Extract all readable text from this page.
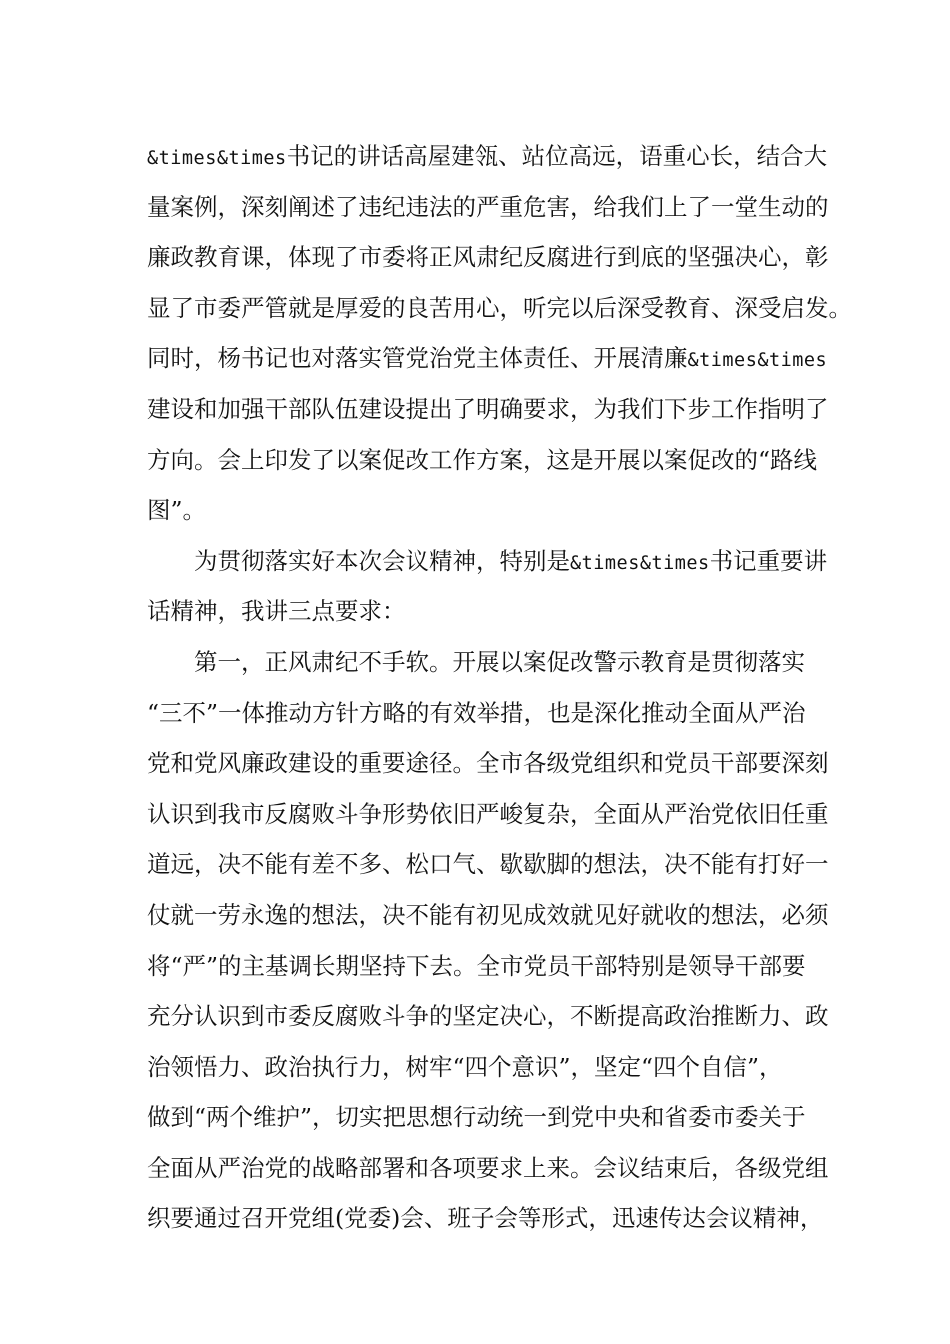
&times&times书记的讲话高屋建瓴、站位高远，语重心长，结合大
量案例，深刻阐述了违纪违法的严重危害，给我们上了一堂生动的
廉政教育课，体现了市委将正风肃纪反腐进行到底的坚强决心，彰
显了市委严管就是厚爱的良苦用心，听完以后深受教育、深受启发。
同时，杨书记也对落实管党治党主体责任、开展清廉&times&times
建设和加强干部队伍建设提出了明确要求，为我们下步工作指明了
方向。会上印发了以案促改工作方案，这是开展以案促改的“路线
图”。
为贯彻落实好本次会议精神，特别是&times&times书记重要讲
话精神，我讲三点要求：
第一，正风肃纪不手软。开展以案促改警示教育是贯彻落实
“三不”一体推动方针方略的有效举措，也是深化推动全面从严治
党和党风廉政建设的重要途径。全市各级党组织和党员干部要深刻
认识到我市反腐败斗争形势依旧严峻复杂，全面从严治党依旧任重
道远，决不能有差不多、松口气、歇歇脚的想法，决不能有打好一
仗就一劳永逸的想法，决不能有初见成效就见好就收的想法，必须
将“严”的主基调长期坚持下去。全市党员干部特别是领导干部要
充分认识到市委反腐败斗争的坚定决心，不断提高政治推断力、政
治领悟力、政治执行力，树牢“四个意识”，坚定“四个自信”，
做到“两个维护”，切实把思想行动统一到党中央和省委市委关于
全面从严治党的战略部署和各项要求上来。会议结束后，各级党组
织要通过召开党组(党委)会、班子会等形式，迅速传达会议精神，
